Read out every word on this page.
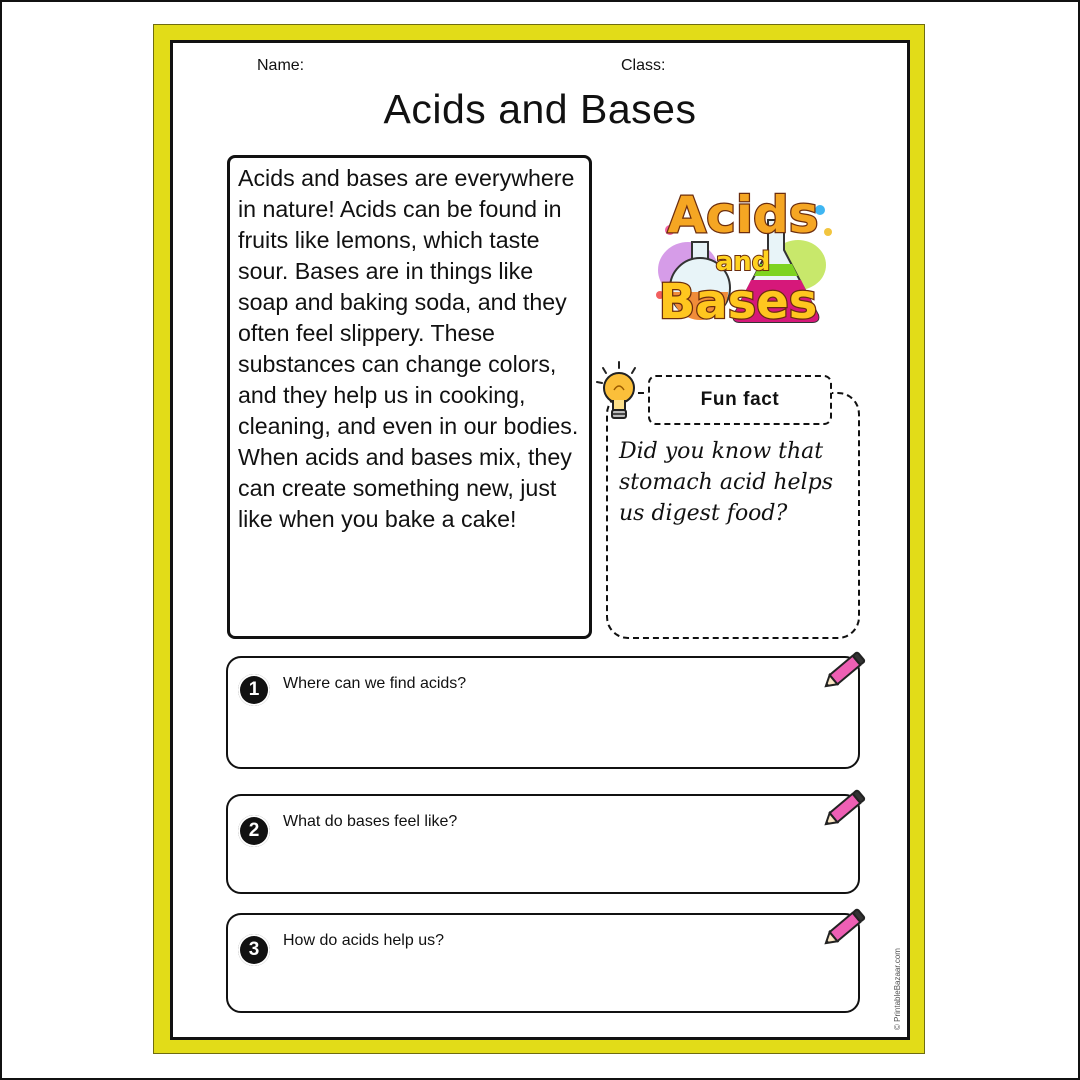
Name:	Class:
Acids and Bases
Acids and bases are everywhere in nature! Acids can be found in fruits like lemons, which taste sour. Bases are in things like soap and baking soda, and they often feel slippery. These substances can change colors, and they help us in cooking, cleaning, and even in our bodies. When acids and bases mix, they can create something new, just like when you bake a cake!
Acids
and
Bases
Fun fact
Did you know that stomach acid helps us digest food?
1	Where can we find acids?
2	What do bases feel like?
3	How do acids help us?
© PrintableBazaar.com
